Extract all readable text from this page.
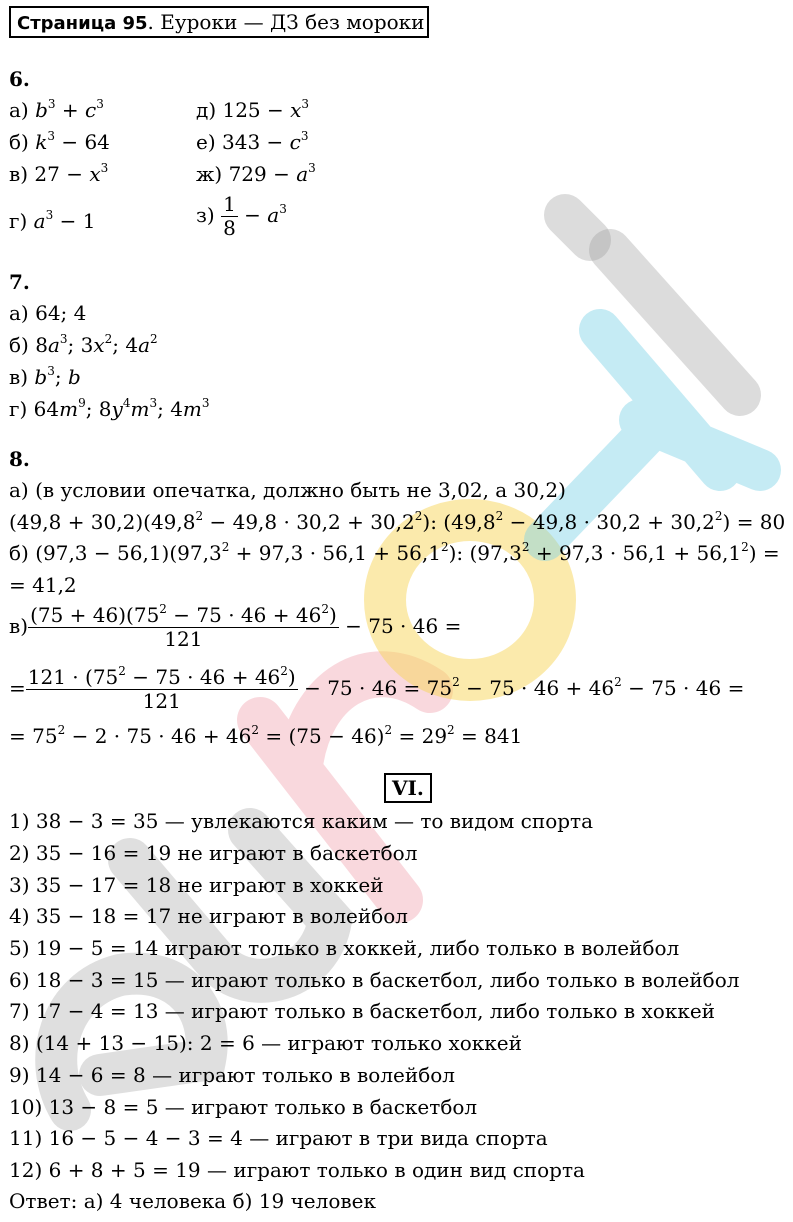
Страница 95. Еуроки — ДЗ без мороки
6.
а) $b^3 + c^3$	д) $125 - x^3$
б) $k^3 - 64$	е) $343 - c^3$
в) $27 - x^3$	ж) $729 - a^3$
г) $a^3 - 1$	$з) \frac{1}{8} - a^3$
7.
а) 64; 4
б) $8a^3$; $3x^2$; $4a^2$
в) $b^3$; b
г) $64m^9$; $8y^4m^3$; $4m^3$
8.
а) (в условии опечатка, должно быть не 3,02, а 30,2)
$(49,8 + 30,2)(49,8^2 - 49,8 \cdot 30,2 + 30,2^2)$: $(49,8^2 - 49,8 \cdot 30,2 + 30,2^2) = 80$
б) $(97,3 - 56,1)(97,3^2 + 97,3 \cdot 56,1 + 56,1^2)$: $(97,3^2 + 97,3 \cdot 56,1 + 56,1^2)$ =
= 41,2
$в) \frac{(75 + 46)(75^2 - 75 \cdot 46 + 46^2)}{121} - 75 \cdot 46$ =
= $\frac{121 \cdot (75^2 - 75 \cdot 46 + 46^2)}{121} - 75 \cdot 46 = 75^2 - 75 \cdot 46 + 46^2 - 75 \cdot 46$ =
= $75^2 - 2 \cdot 75 \cdot 46 + 46^2 = (75 - 46)^2 = 29^2 = 841$
VI.
1) 38 − 3 = 35 — увлекаются каким — то видом спорта
2) 35 − 16 = 19 не играют в баскетбол
3) 35 − 17 = 18 не играют в хоккей
4) 35 − 18 = 17 не играют в волейбол
5) 19 − 5 = 14 играют только в хоккей, либо только в волейбол
6) 18 − 3 = 15 — играют только в баскетбол, либо только в волейбол
7) 17 − 4 = 13 — играют только в баскетбол, либо только в хоккей
8) (14 + 13 − 15): 2 = 6 — играют только хоккей
9) 14 − 6 = 8 — играют только в волейбол
10) 13 − 8 = 5 — играют только в баскетбол
11) 16 − 5 − 4 − 3 = 4 — играют в три вида спорта
12) 6 + 8 + 5 = 19 — играют только в один вид спорта
Ответ: а) 4 человека б) 19 человек
